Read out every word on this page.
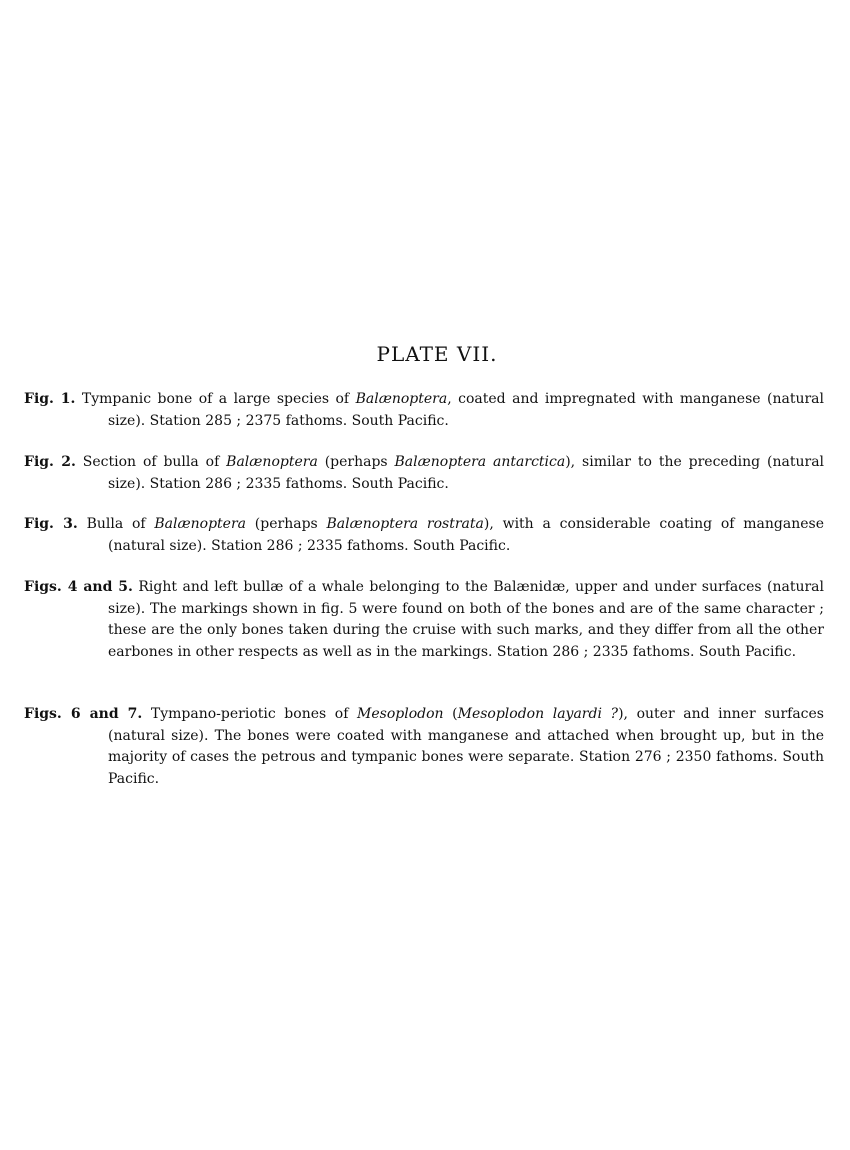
PLATE VII.

Fig. 1. Tympanic bone of a large species of Balænoptera, coated and impregnated with manganese (natural size). Station 285 ; 2375 fathoms. South Pacific.

Fig. 2. Section of bulla of Balænoptera (perhaps Balænoptera antarctica), similar to the preceding (natural size). Station 286 ; 2335 fathoms. South Pacific.

Fig. 3. Bulla of Balænoptera (perhaps Balænoptera rostrata), with a considerable coating of manganese (natural size). Station 286 ; 2335 fathoms. South Pacific.

Figs. 4 and 5. Right and left bullæ of a whale belonging to the Balænidæ, upper and under surfaces (natural size). The markings shown in fig. 5 were found on both of the bones and are of the same character ; these are the only bones taken during the cruise with such marks, and they differ from all the other earbones in other respects as well as in the markings. Station 286 ; 2335 fathoms. South Pacific.

Figs. 6 and 7. Tympano-periotic bones of Mesoplodon (Mesoplodon layardi ?), outer and inner surfaces (natural size). The bones were coated with manganese and attached when brought up, but in the majority of cases the petrous and tympanic bones were separate. Station 276 ; 2350 fathoms. South Pacific.
